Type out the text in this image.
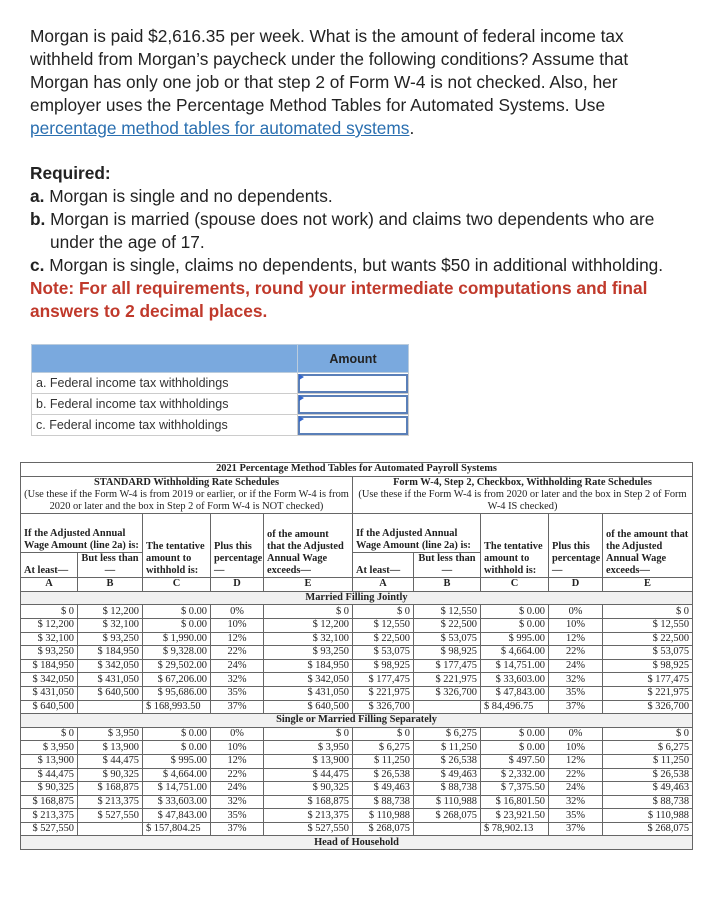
Morgan is paid $2,616.35 per week. What is the amount of federal income tax withheld from Morgan’s paycheck under the following conditions? Assume that Morgan has only one job or that step 2 of Form W-4 is not checked. Also, her employer uses the Percentage Method Tables for Automated Systems. Use percentage method tables for automated systems.

Required:

a. Morgan is single and no dependents.

b. Morgan is married (spouse does not work) and claims two dependents who are under the age of 17.

c. Morgan is single, claims no dependents, but wants $50 in additional withholding.

Note: For all requirements, round your intermediate computations and final answers to 2 decimal places.

	Amount
a. Federal income tax withholdings	

b. Federal income tax withholdings	

c. Federal income tax withholdings	
2021 Percentage Method Tables for Automated Payroll Systems									
STANDARD Withholding Rate Schedules					Form W-4, Step 2, Checkbox, Withholding Rate Schedules				
(Use these if the Form W-4 is from 2019 or earlier, or if the Form W-4 is from 2020 or later and the box in Step 2 of Form W-4 is NOT checked)					(Use these if the Form W-4 is from 2020 or later and the box in Step 2 of Form W-4 IS checked)				
If the Adjusted Annual Wage Amount (line 2a) is:		The tentative amount to withhold is:	Plus this percentage —	of the amount that the Adjusted Annual Wage exceeds—	If the Adjusted Annual Wage Amount (line 2a) is:		The tentative amount to withhold is:	Plus this percentage —	of the amount that the Adjusted Annual Wage exceeds—
At least—	But less than—				At least—	But less than—			
A	B	C	D	E	A	B	C	D	E
Married Filling Jointly									
$ 0	$ 12,200	$ 0.00	0%	$ 0	$ 0	$ 12,550	$ 0.00	0%	$ 0
$ 12,200	$ 32,100	$ 0.00	10%	$ 12,200	$ 12,550	$ 22,500	$ 0.00	10%	$ 12,550
$ 32,100	$ 93,250	$ 1,990.00	12%	$ 32,100	$ 22,500	$ 53,075	$ 995.00	12%	$ 22,500
$ 93,250	$ 184,950	$ 9,328.00	22%	$ 93,250	$ 53,075	$ 98,925	$ 4,664.00	22%	$ 53,075
$ 184,950	$ 342,050	$ 29,502.00	24%	$ 184,950	$ 98,925	$ 177,475	$ 14,751.00	24%	$ 98,925
$ 342,050	$ 431,050	$ 67,206.00	32%	$ 342,050	$ 177,475	$ 221,975	$ 33,603.00	32%	$ 177,475
$ 431,050	$ 640,500	$ 95,686.00	35%	$ 431,050	$ 221,975	$ 326,700	$ 47,843.00	35%	$ 221,975
$ 640,500		$ 168,993.50	37%	$ 640,500	$ 326,700		$ 84,496.75	37%	$ 326,700
Single or Married Filling Separately									
$ 0	$ 3,950	$ 0.00	0%	$ 0	$ 0	$ 6,275	$ 0.00	0%	$ 0
$ 3,950	$ 13,900	$ 0.00	10%	$ 3,950	$ 6,275	$ 11,250	$ 0.00	10%	$ 6,275
$ 13,900	$ 44,475	$ 995.00	12%	$ 13,900	$ 11,250	$ 26,538	$ 497.50	12%	$ 11,250
$ 44,475	$ 90,325	$ 4,664.00	22%	$ 44,475	$ 26,538	$ 49,463	$ 2,332.00	22%	$ 26,538
$ 90,325	$ 168,875	$ 14,751.00	24%	$ 90,325	$ 49,463	$ 88,738	$ 7,375.50	24%	$ 49,463
$ 168,875	$ 213,375	$ 33,603.00	32%	$ 168,875	$ 88,738	$ 110,988	$ 16,801.50	32%	$ 88,738
$ 213,375	$ 527,550	$ 47,843.00	35%	$ 213,375	$ 110,988	$ 268,075	$ 23,921.50	35%	$ 110,988
$ 527,550		$ 157,804.25	37%	$ 527,550	$ 268,075		$ 78,902.13	37%	$ 268,075
Head of Household									
